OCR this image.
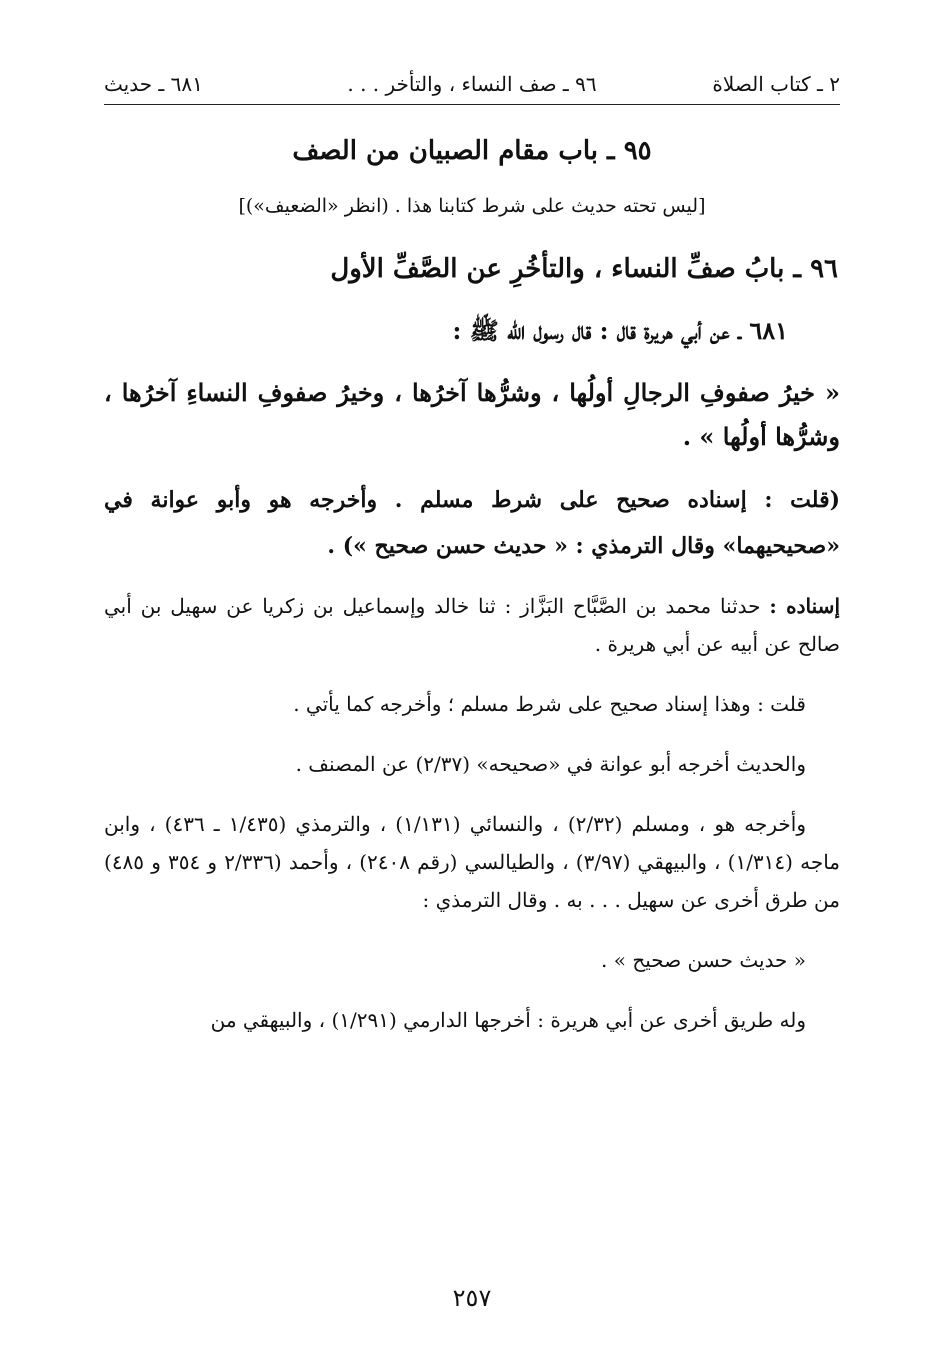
٢ ـ كتاب الصلاة
٩٦ ـ صف النساء ، والتأخر . . .
٦٨١ ـ حديث
٩٥ ـ باب مقام الصبيان من الصف
[ليس تحته حديث على شرط كتابنا هذا . (انظر «الضعيف»)]
٩٦ ـ بابُ صفِّ النساء ، والتأخُرِ عن الصَّفِّ الأول
٦٨١ ـ عن أبي هريرة قال : قال رسول الله ﷺ :
« خيرُ صفوفِ الرجالِ أولُها ، وشرُّها آخرُها ، وخيرُ صفوفِ النساءِ آخرُها ، وشرُّها أولُها » .
(قلت : إسناده صحيح على شرط مسلم . وأخرجه هو وأبو عوانة في «صحيحيهما» وقال الترمذي : « حديث حسن صحيح ») .
إسناده : حدثنا محمد بن الصَّبَّاح البَزَّاز : ثنا خالد وإسماعيل بن زكريا عن سهيل بن أبي صالح عن أبيه عن أبي هريرة .
قلت : وهذا إسناد صحيح على شرط مسلم ؛ وأخرجه كما يأتي .
والحديث أخرجه أبو عوانة في «صحيحه» (٢/٣٧) عن المصنف .
وأخرجه هو ، ومسلم (٢/٣٢) ، والنسائي (١/١٣١) ، والترمذي (١/٤٣٥ ـ ٤٣٦) ، وابن ماجه (١/٣١٤) ، والبيهقي (٣/٩٧) ، والطيالسي (رقم ٢٤٠٨) ، وأحمد (٢/٣٣٦ و ٣٥٤ و ٤٨٥) من طرق أخرى عن سهيل . . . به . وقال الترمذي :
« حديث حسن صحيح » .
وله طريق أخرى عن أبي هريرة : أخرجها الدارمي (١/٢٩١) ، والبيهقي من
٢٥٧
